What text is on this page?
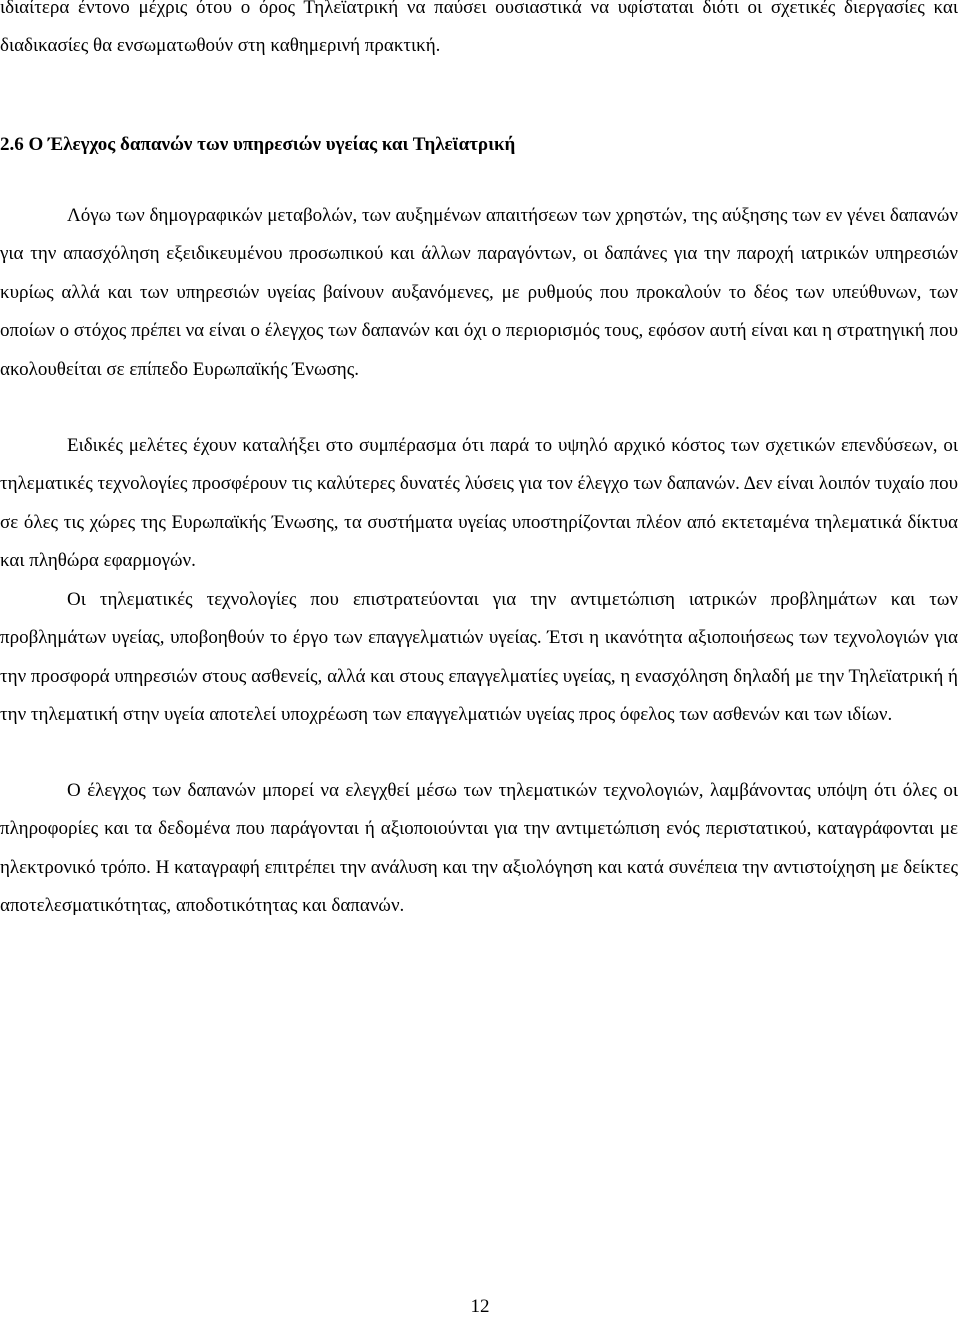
ιδιαίτερα έντονο μέχρις ότου ο όρος Τηλεϊατρική να παύσει ουσιαστικά να υφίσταται διότι οι σχετικές διεργασίες και διαδικασίες θα ενσωματωθούν στη καθημερινή πρακτική.

2.6 Ο Έλεγχος δαπανών των υπηρεσιών υγείας και Τηλεϊατρική

Λόγω των δημογραφικών μεταβολών, των αυξημένων απαιτήσεων των χρηστών, της αύξησης των εν γένει δαπανών για την απασχόληση εξειδικευμένου προσωπικού και άλλων παραγόντων, οι δαπάνες για την παροχή ιατρικών υπηρεσιών κυρίως αλλά και των υπηρεσιών υγείας βαίνουν αυξανόμενες, με ρυθμούς που προκαλούν το δέος των υπεύθυνων, των οποίων ο στόχος πρέπει να είναι ο έλεγχος των δαπανών και όχι ο περιορισμός τους, εφόσον αυτή είναι και η στρατηγική που ακολουθείται σε επίπεδο Ευρωπαϊκής Ένωσης.

Ειδικές μελέτες έχουν καταλήξει στο συμπέρασμα ότι παρά το υψηλό αρχικό κόστος των σχετικών επενδύσεων, οι τηλεματικές τεχνολογίες προσφέρουν τις καλύτερες δυνατές λύσεις για τον έλεγχο των δαπανών. Δεν είναι λοιπόν τυχαίο που σε όλες τις χώρες της Ευρωπαϊκής Ένωσης, τα συστήματα υγείας υποστηρίζονται πλέον από εκτεταμένα τηλεματικά δίκτυα και πληθώρα εφαρμογών.

Οι τηλεματικές τεχνολογίες που επιστρατεύονται για την αντιμετώπιση ιατρικών προβλημάτων και των προβλημάτων υγείας, υποβοηθούν το έργο των επαγγελματιών υγείας. Έτσι η ικανότητα αξιοποιήσεως των τεχνολογιών για την προσφορά υπηρεσιών στους ασθενείς, αλλά και στους επαγγελματίες υγείας, η ενασχόληση δηλαδή με την Τηλεϊατρική ή την τηλεματική στην υγεία αποτελεί υποχρέωση των επαγγελματιών υγείας προς όφελος των ασθενών και των ιδίων.

Ο έλεγχος των δαπανών μπορεί να ελεγχθεί μέσω των τηλεματικών τεχνολογιών, λαμβάνοντας υπόψη ότι όλες οι πληροφορίες και τα δεδομένα που παράγονται ή αξιοποιούνται για την αντιμετώπιση ενός περιστατικού, καταγράφονται με ηλεκτρονικό τρόπο. Η καταγραφή επιτρέπει την ανάλυση και την αξιολόγηση και κατά συνέπεια την αντιστοίχηση με δείκτες αποτελεσματικότητας, αποδοτικότητας και δαπανών.

12
